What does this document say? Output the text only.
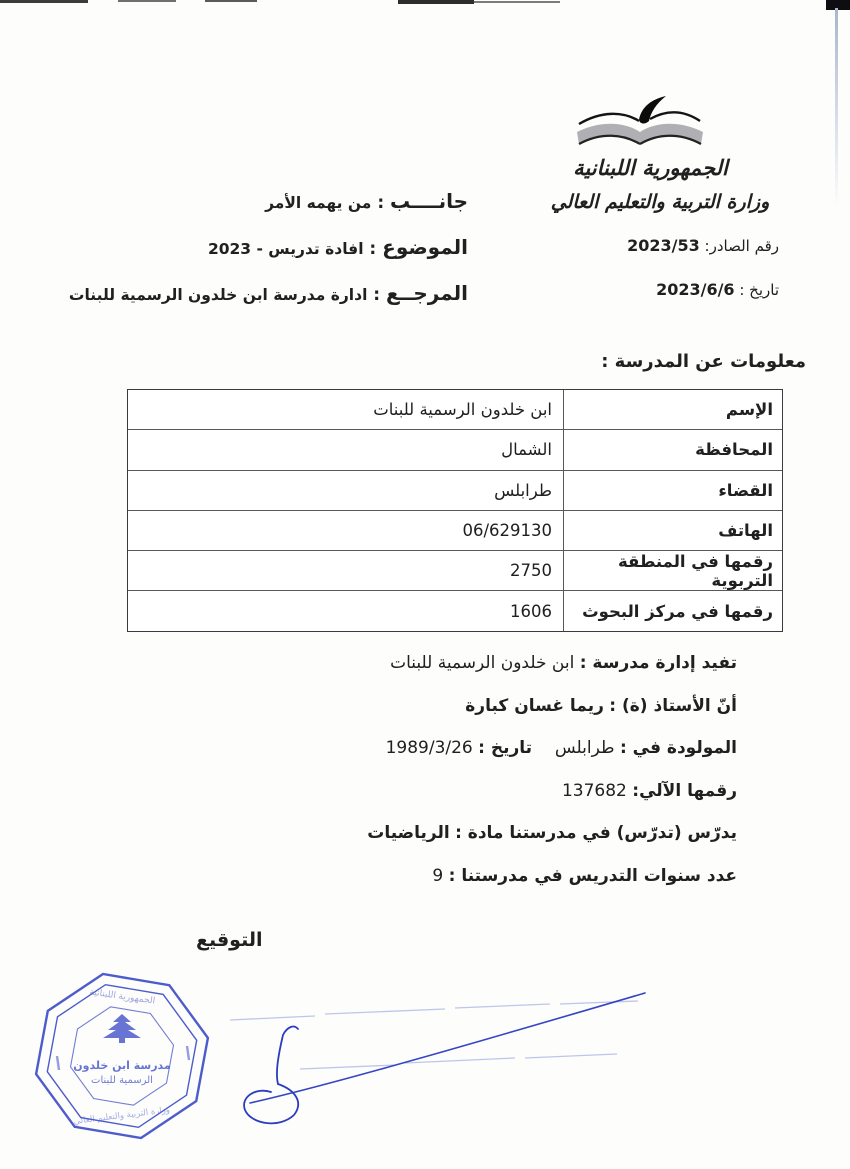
الجمهورية اللبنانية
وزارة التربية والتعليم العالي
رقم الصادر: 2023/53
تاريخ : 2023/6/6
جانــــب : من يهمه الأمر
الموضوع : افادة تدريس - 2023
المرجــع : ادارة مدرسة ابن خلدون الرسمية للبنات
معلومات عن المدرسة :
الإسم
ابن خلدون الرسمية للبنات
المحافظة
الشمال
القضاء
طرابلس
الهاتف
06/629130
رقمها في المنطقة التربوية
2750
رقمها في مركز البحوث
1606
تفيد إدارة مدرسة : ابن خلدون الرسمية للبنات
أنّ الأستاذ (ة) : ريما غسان كبارة
المولودة في : طرابلس  تاريخ : 1989/3/26
رقمها الآلي: 137682
يدرّس (تدرّس) في مدرستنا مادة : الرياضيات
عدد سنوات التدريس في مدرستنا : 9
التوقيع
مدرسة ابن خلدون
الرسمية للبنات
الجمهورية اللبنانية
وزارة التربية والتعليم العالي
